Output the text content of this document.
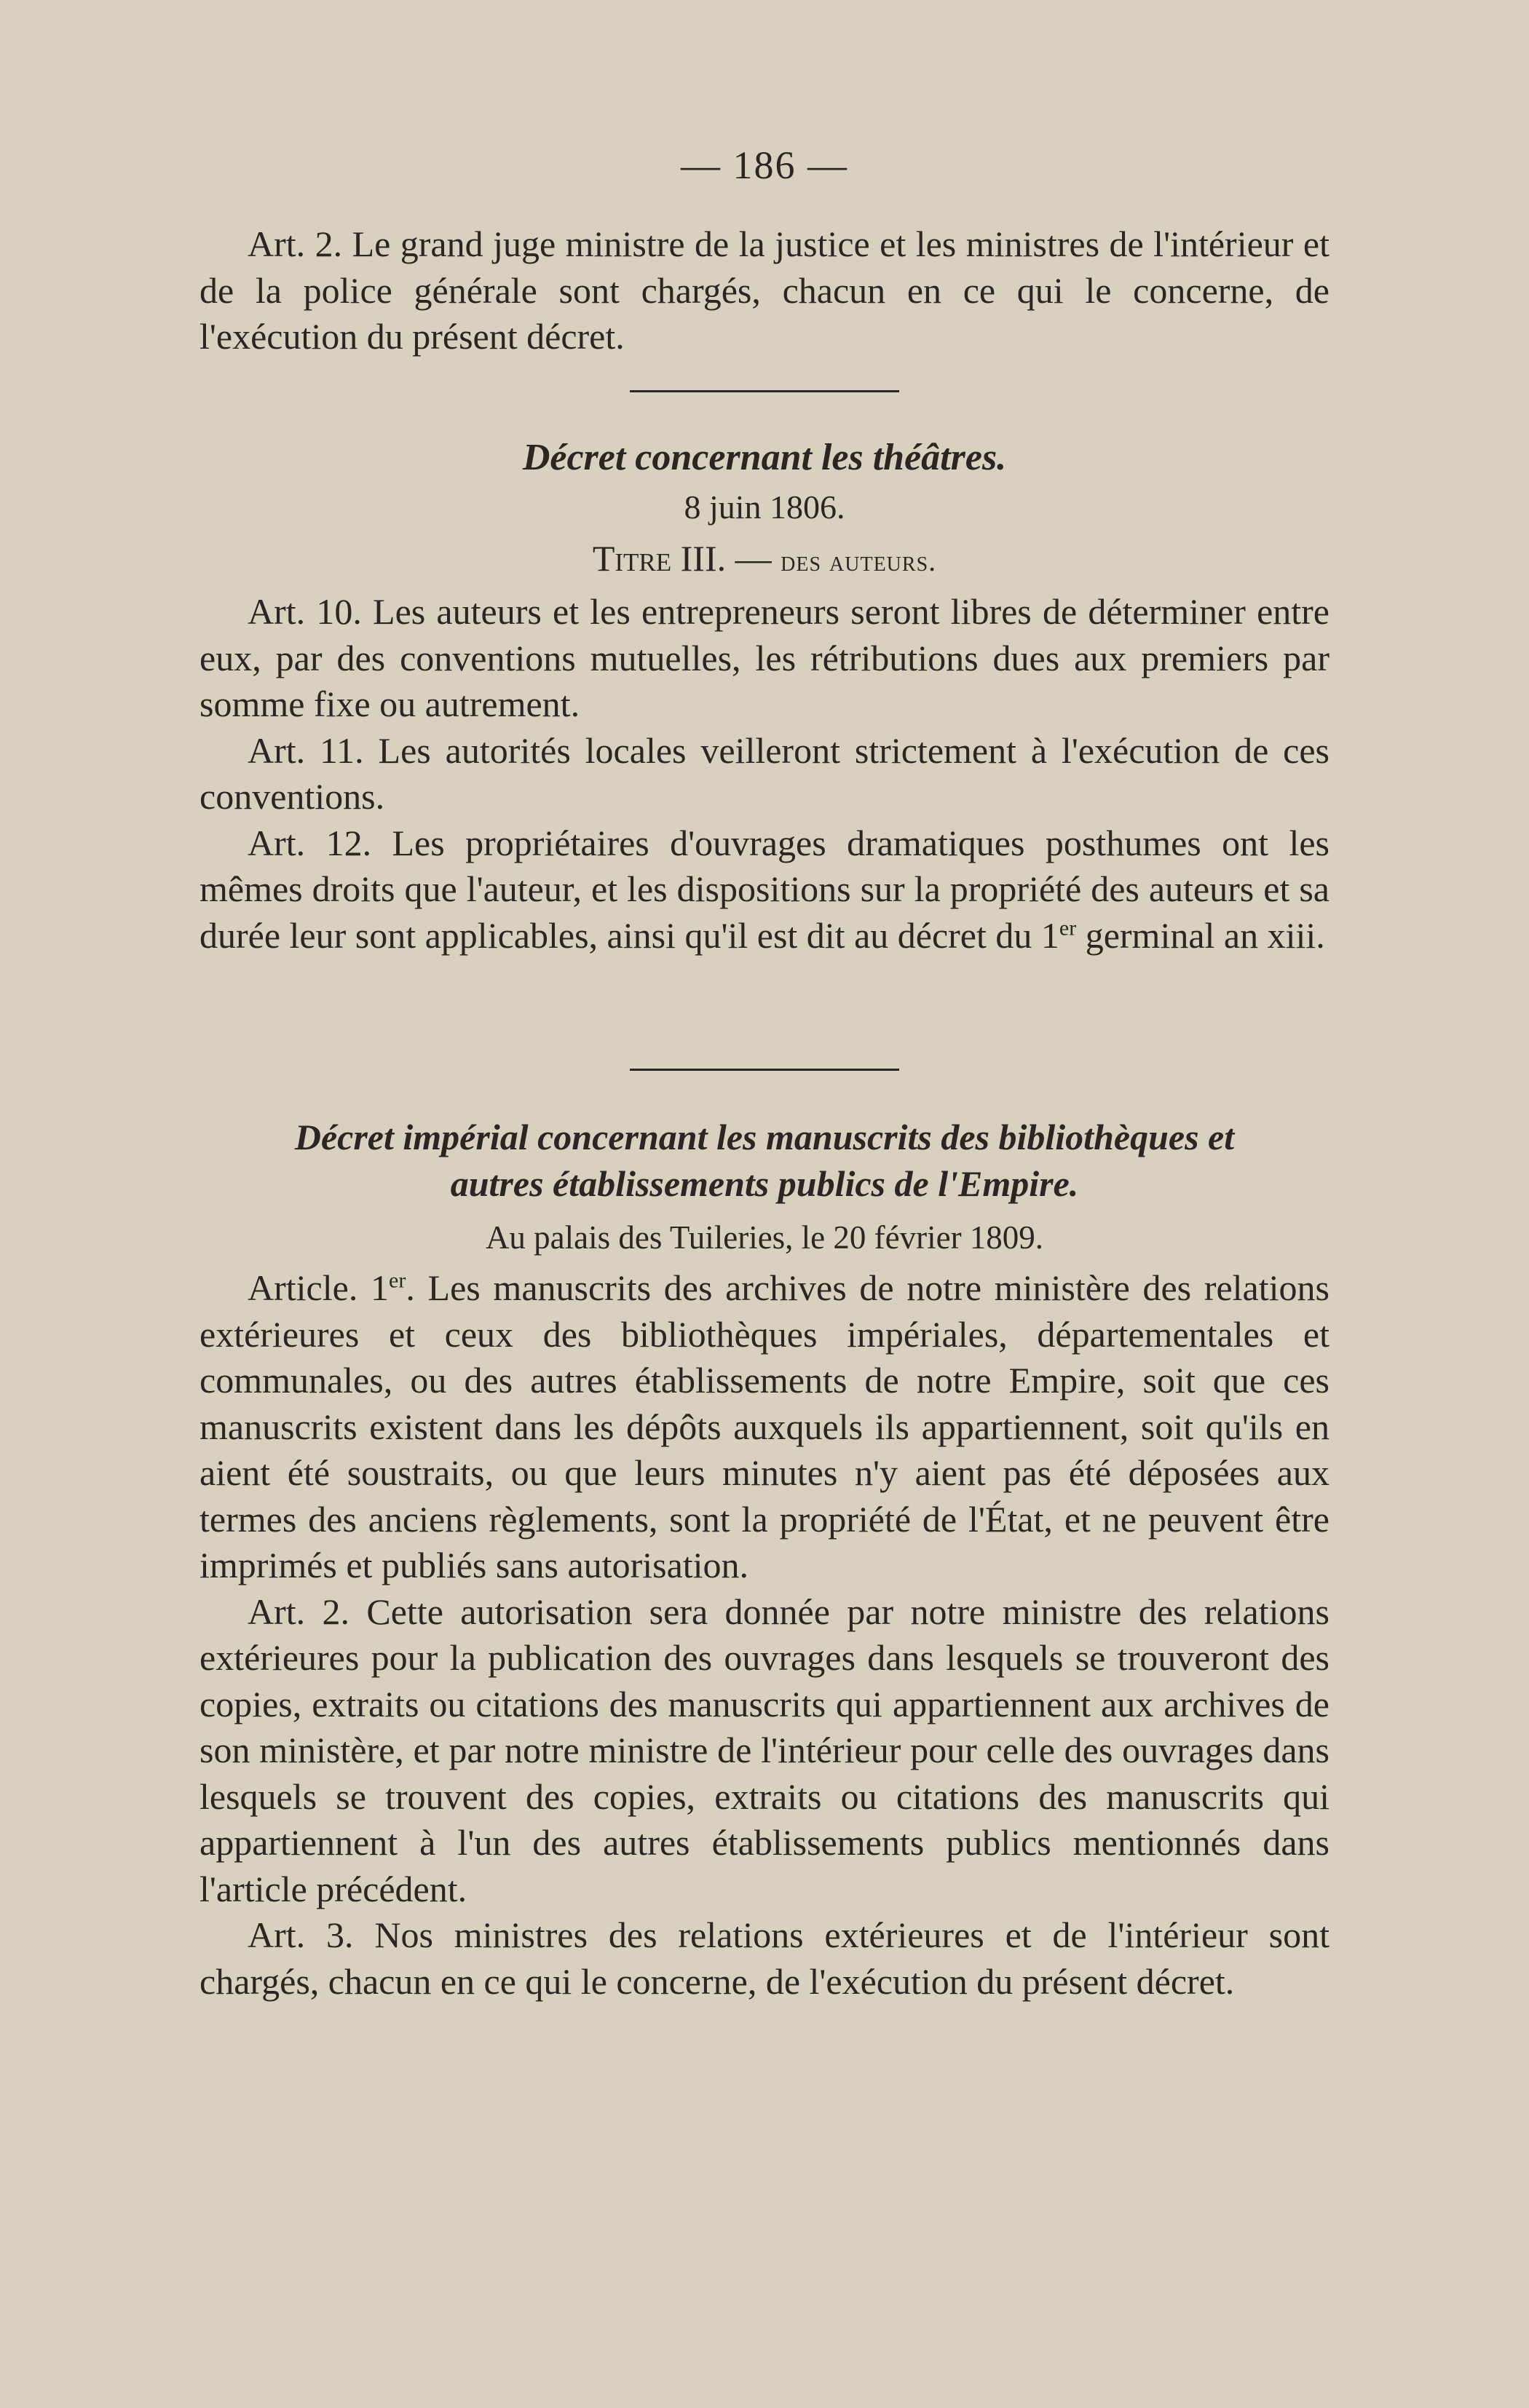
— 186 —

Art. 2. Le grand juge ministre de la justice et les ministres de l'intérieur et de la police générale sont chargés, chacun en ce qui le concerne, de l'exécution du présent décret.

Décret concernant les théâtres.

8 juin 1806.

Titre III. — des auteurs.

Art. 10. Les auteurs et les entrepreneurs seront libres de déterminer entre eux, par des conventions mutuelles, les rétributions dues aux premiers par somme fixe ou autrement.

Art. 11. Les autorités locales veilleront strictement à l'exécution de ces conventions.

Art. 12. Les propriétaires d'ouvrages dramatiques posthumes ont les mêmes droits que l'auteur, et les dispositions sur la propriété des auteurs et sa durée leur sont applicables, ainsi qu'il est dit au décret du 1er germinal an xiii.

Décret impérial concernant les manuscrits des bibliothèques et

autres établissements publics de l'Empire.

Au palais des Tuileries, le 20 février 1809.

Article. 1er. Les manuscrits des archives de notre ministère des relations extérieures et ceux des bibliothèques impériales, départementales et communales, ou des autres établissements de notre Empire, soit que ces manuscrits existent dans les dépôts auxquels ils appartiennent, soit qu'ils en aient été soustraits, ou que leurs minutes n'y aient pas été déposées aux termes des anciens règlements, sont la propriété de l'État, et ne peuvent être imprimés et publiés sans autorisation.

Art. 2. Cette autorisation sera donnée par notre ministre des relations extérieures pour la publication des ouvrages dans lesquels se trouveront des copies, extraits ou citations des manuscrits qui appartiennent aux archives de son ministère, et par notre ministre de l'intérieur pour celle des ouvrages dans lesquels se trouvent des copies, extraits ou citations des manuscrits qui appartiennent à l'un des autres établissements publics mentionnés dans l'article précédent.

Art. 3. Nos ministres des relations extérieures et de l'intérieur sont chargés, chacun en ce qui le concerne, de l'exécution du présent décret.
